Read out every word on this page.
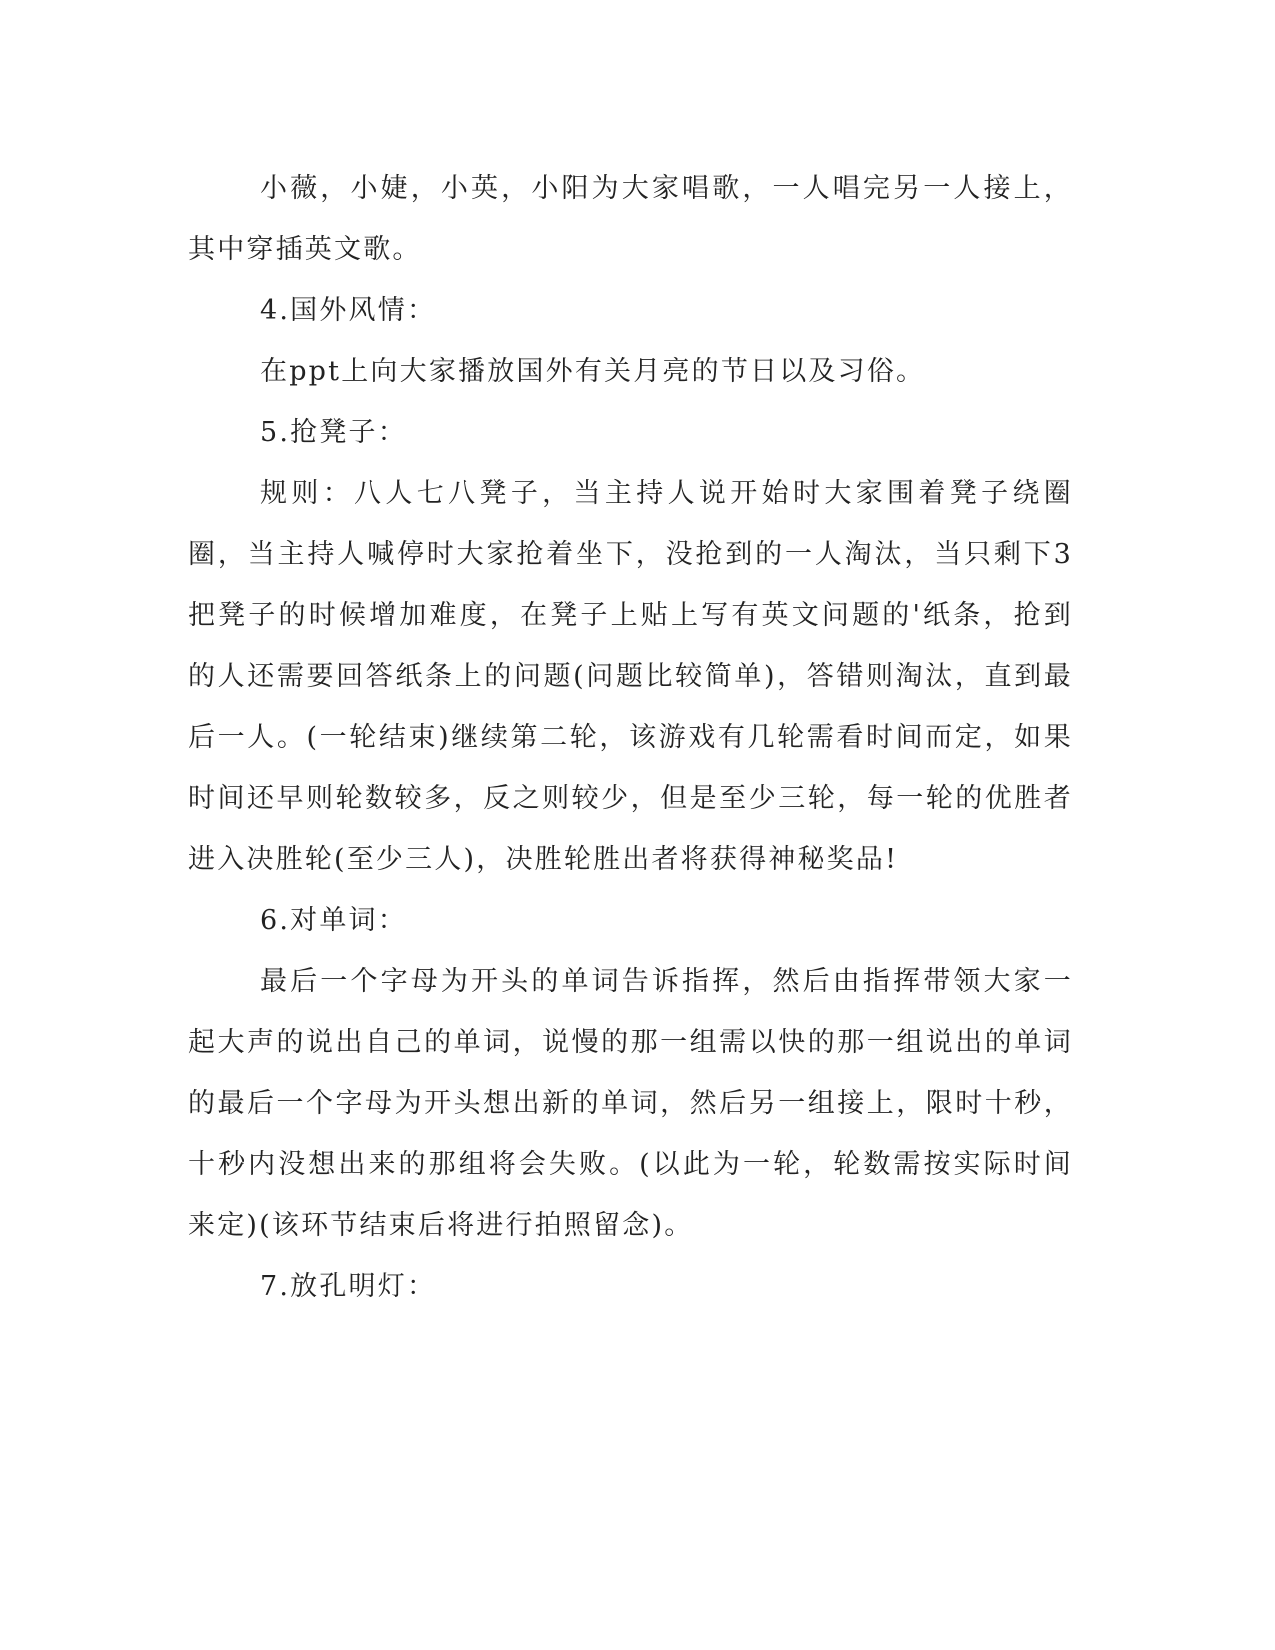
小薇，小婕，小英，小阳为大家唱歌，一人唱完另一人接上，其中穿插英文歌。

4.国外风情：

在ppt上向大家播放国外有关月亮的节日以及习俗。

5.抢凳子：

规则：八人七八凳子，当主持人说开始时大家围着凳子绕圈圈，当主持人喊停时大家抢着坐下，没抢到的一人淘汰，当只剩下3把凳子的时候增加难度，在凳子上贴上写有英文问题的'纸条，抢到的人还需要回答纸条上的问题(问题比较简单)，答错则淘汰，直到最后一人。(一轮结束)继续第二轮，该游戏有几轮需看时间而定，如果时间还早则轮数较多，反之则较少，但是至少三轮，每一轮的优胜者进入决胜轮(至少三人)，决胜轮胜出者将获得神秘奖品!

6.对单词：

最后一个字母为开头的单词告诉指挥，然后由指挥带领大家一起大声的说出自己的单词，说慢的那一组需以快的那一组说出的单词的最后一个字母为开头想出新的单词，然后另一组接上，限时十秒，十秒内没想出来的那组将会失败。(以此为一轮，轮数需按实际时间来定)(该环节结束后将进行拍照留念)。

7.放孔明灯：
